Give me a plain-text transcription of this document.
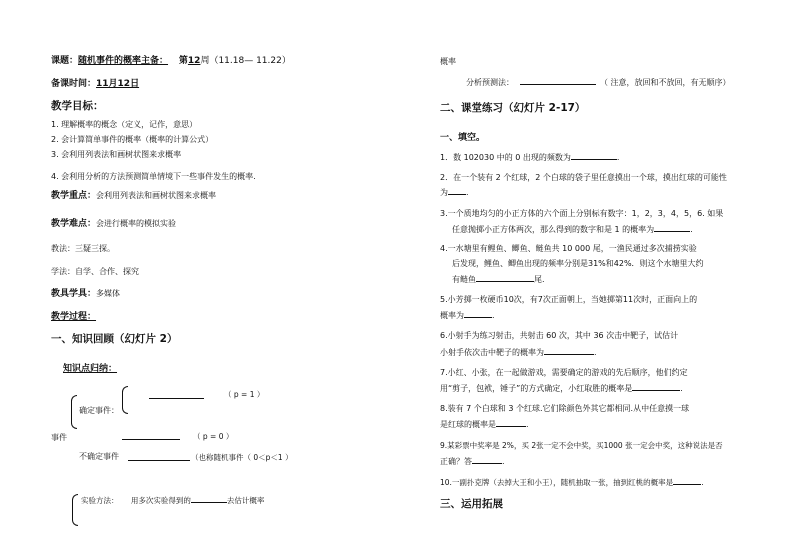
课题：随机事件的概率主备： 第12周（11.18— 11.22）
备课时间：11月12日
教学目标：
1. 理解概率的概念（定义，记作，意思）
2. 会计算简单事件的概率（概率的计算公式）
3. 会利用列表法和画树状图来求概率
4. 会利用分析的方法预测简单情境下一些事件发生的概率.
教学重点：会利用列表法和画树状图来求概率
教学难点：会进行概率的模拟实验
教法：三疑三探。
学法：自学、合作、探究
教具学具：多媒体
教学过程：
一、知识回顾（幻灯片 2）
知识点归纳：
确定事件：
（ p = 1 ）
事件	（ p = 0 ）
不确定事件	（也称随机事件（ 0＜p＜1 ）
实验方法： 用多次实验得到的	去估计概率
概率
分析预测法：	（ 注意，放回和不放回，有无顺序）
二、课堂练习（幻灯片 2-17）
一、填空。
1．数 102030 中的 0 出现的频数为	.
2．在一个装有 2 个红球，2 个白球的袋子里任意摸出一个球，摸出红球的可能性
为 .
3.一个质地均匀的小正方体的六个面上分别标有数字：1，2，3，4，5，6. 如果
任意抛掷小正方体两次，那么得到的数字和是 1 的概率为	.
4.一水塘里有鲤鱼、鲫鱼、鲢鱼共 10 000 尾，一渔民通过多次捕捞实验
后发现，鲤鱼、鲫鱼出现的频率分别是31%和42%．则这个水塘里大约
有鲢鱼	尾.
5.小芳掷一枚硬币10次，有7次正面朝上，当她掷第11次时，正面向上的
概率为	.
6.小射手为练习射击，共射击 60 次，其中 36 次击中靶子，试估计
小射手依次击中靶子的概率为	.
7.小红、小张，在一起做游戏，需要确定的游戏的先后顺序，他们约定
用“剪子，包袱，锤子”的方式确定，小红取胜的概率是	.
8.装有 7 个白球和 3 个红球.它们除颜色外其它都相同.从中任意摸一球
是红球的概率是	.
9.某彩票中奖率是 2%，买 2张一定不会中奖，买1000 张一定会中奖，这种说法是否
正确？答	.
10.一副扑克牌（去掉大王和小王），随机抽取一张，抽到红桃的概率是	.
三、运用拓展
